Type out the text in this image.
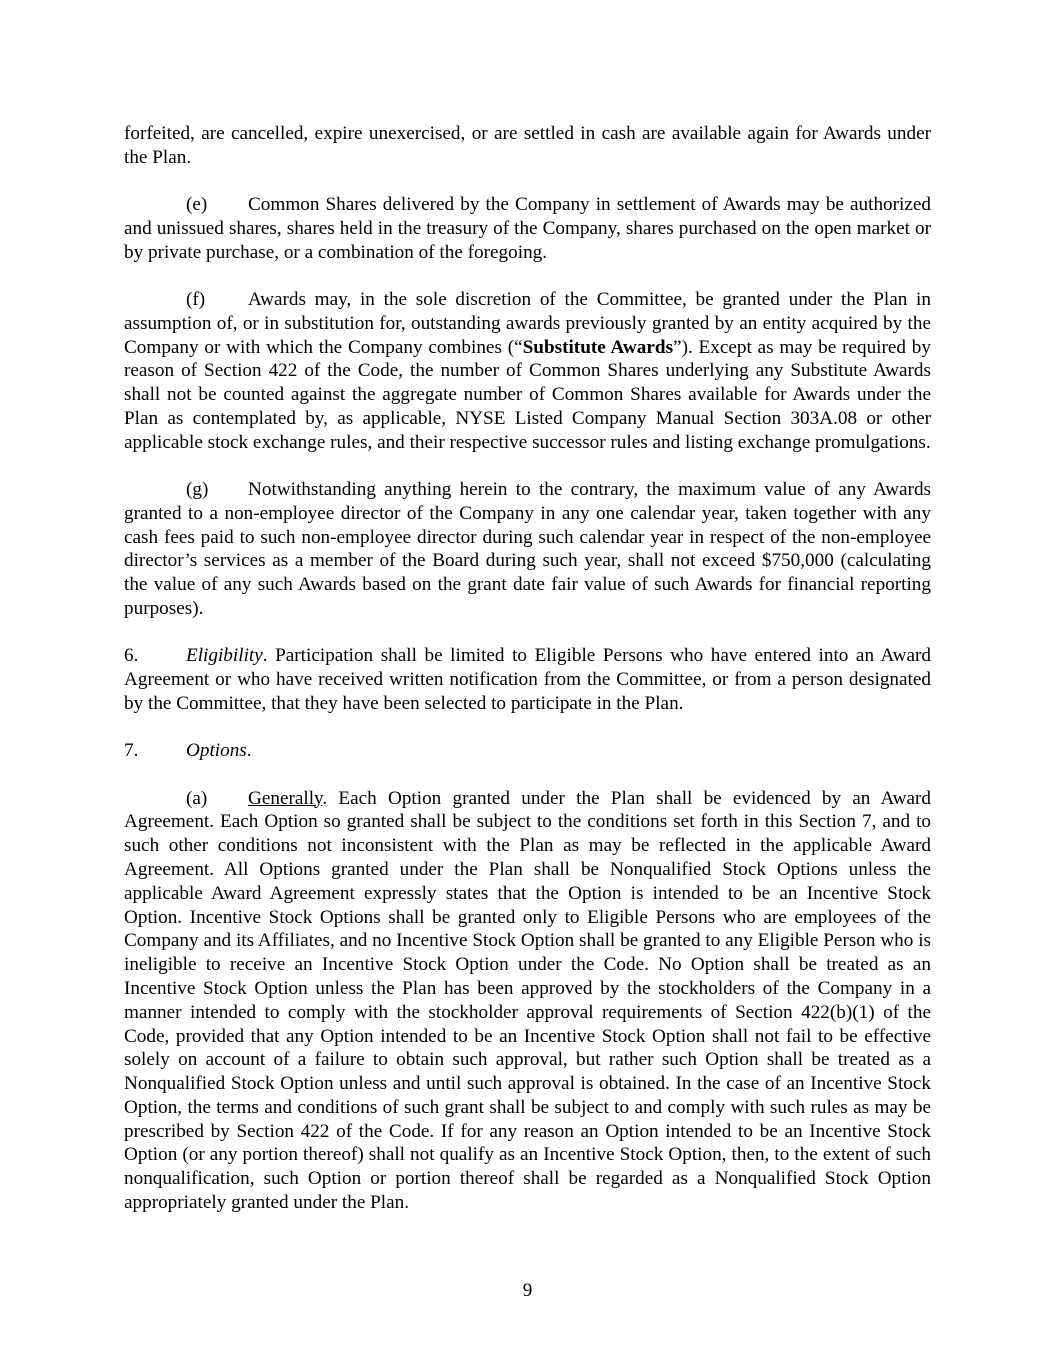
forfeited, are cancelled, expire unexercised, or are settled in cash are available again for Awards under the Plan.

(e) Common Shares delivered by the Company in settlement of Awards may be authorized and unissued shares, shares held in the treasury of the Company, shares purchased on the open market or by private purchase, or a combination of the foregoing.

(f) Awards may, in the sole discretion of the Committee, be granted under the Plan in assumption of, or in substitution for, outstanding awards previously granted by an entity acquired by the Company or with which the Company combines (“Substitute Awards”). Except as may be required by reason of Section 422 of the Code, the number of Common Shares underlying any Substitute Awards shall not be counted against the aggregate number of Common Shares available for Awards under the Plan as contemplated by, as applicable, NYSE Listed Company Manual Section 303A.08 or other applicable stock exchange rules, and their respective successor rules and listing exchange promulgations.

(g) Notwithstanding anything herein to the contrary, the maximum value of any Awards granted to a non-employee director of the Company in any one calendar year, taken together with any cash fees paid to such non-employee director during such calendar year in respect of the non-employee director’s services as a member of the Board during such year, shall not exceed $750,000 (calculating the value of any such Awards based on the grant date fair value of such Awards for financial reporting purposes).

6. Eligibility. Participation shall be limited to Eligible Persons who have entered into an Award Agreement or who have received written notification from the Committee, or from a person designated by the Committee, that they have been selected to participate in the Plan.

7. Options.

(a) Generally. Each Option granted under the Plan shall be evidenced by an Award Agreement. Each Option so granted shall be subject to the conditions set forth in this Section 7, and to such other conditions not inconsistent with the Plan as may be reflected in the applicable Award Agreement. All Options granted under the Plan shall be Nonqualified Stock Options unless the applicable Award Agreement expressly states that the Option is intended to be an Incentive Stock Option. Incentive Stock Options shall be granted only to Eligible Persons who are employees of the Company and its Affiliates, and no Incentive Stock Option shall be granted to any Eligible Person who is ineligible to receive an Incentive Stock Option under the Code. No Option shall be treated as an Incentive Stock Option unless the Plan has been approved by the stockholders of the Company in a manner intended to comply with the stockholder approval requirements of Section 422(b)(1) of the Code, provided that any Option intended to be an Incentive Stock Option shall not fail to be effective solely on account of a failure to obtain such approval, but rather such Option shall be treated as a Nonqualified Stock Option unless and until such approval is obtained. In the case of an Incentive Stock Option, the terms and conditions of such grant shall be subject to and comply with such rules as may be prescribed by Section 422 of the Code. If for any reason an Option intended to be an Incentive Stock Option (or any portion thereof) shall not qualify as an Incentive Stock Option, then, to the extent of such nonqualification, such Option or portion thereof shall be regarded as a Nonqualified Stock Option appropriately granted under the Plan.

9
